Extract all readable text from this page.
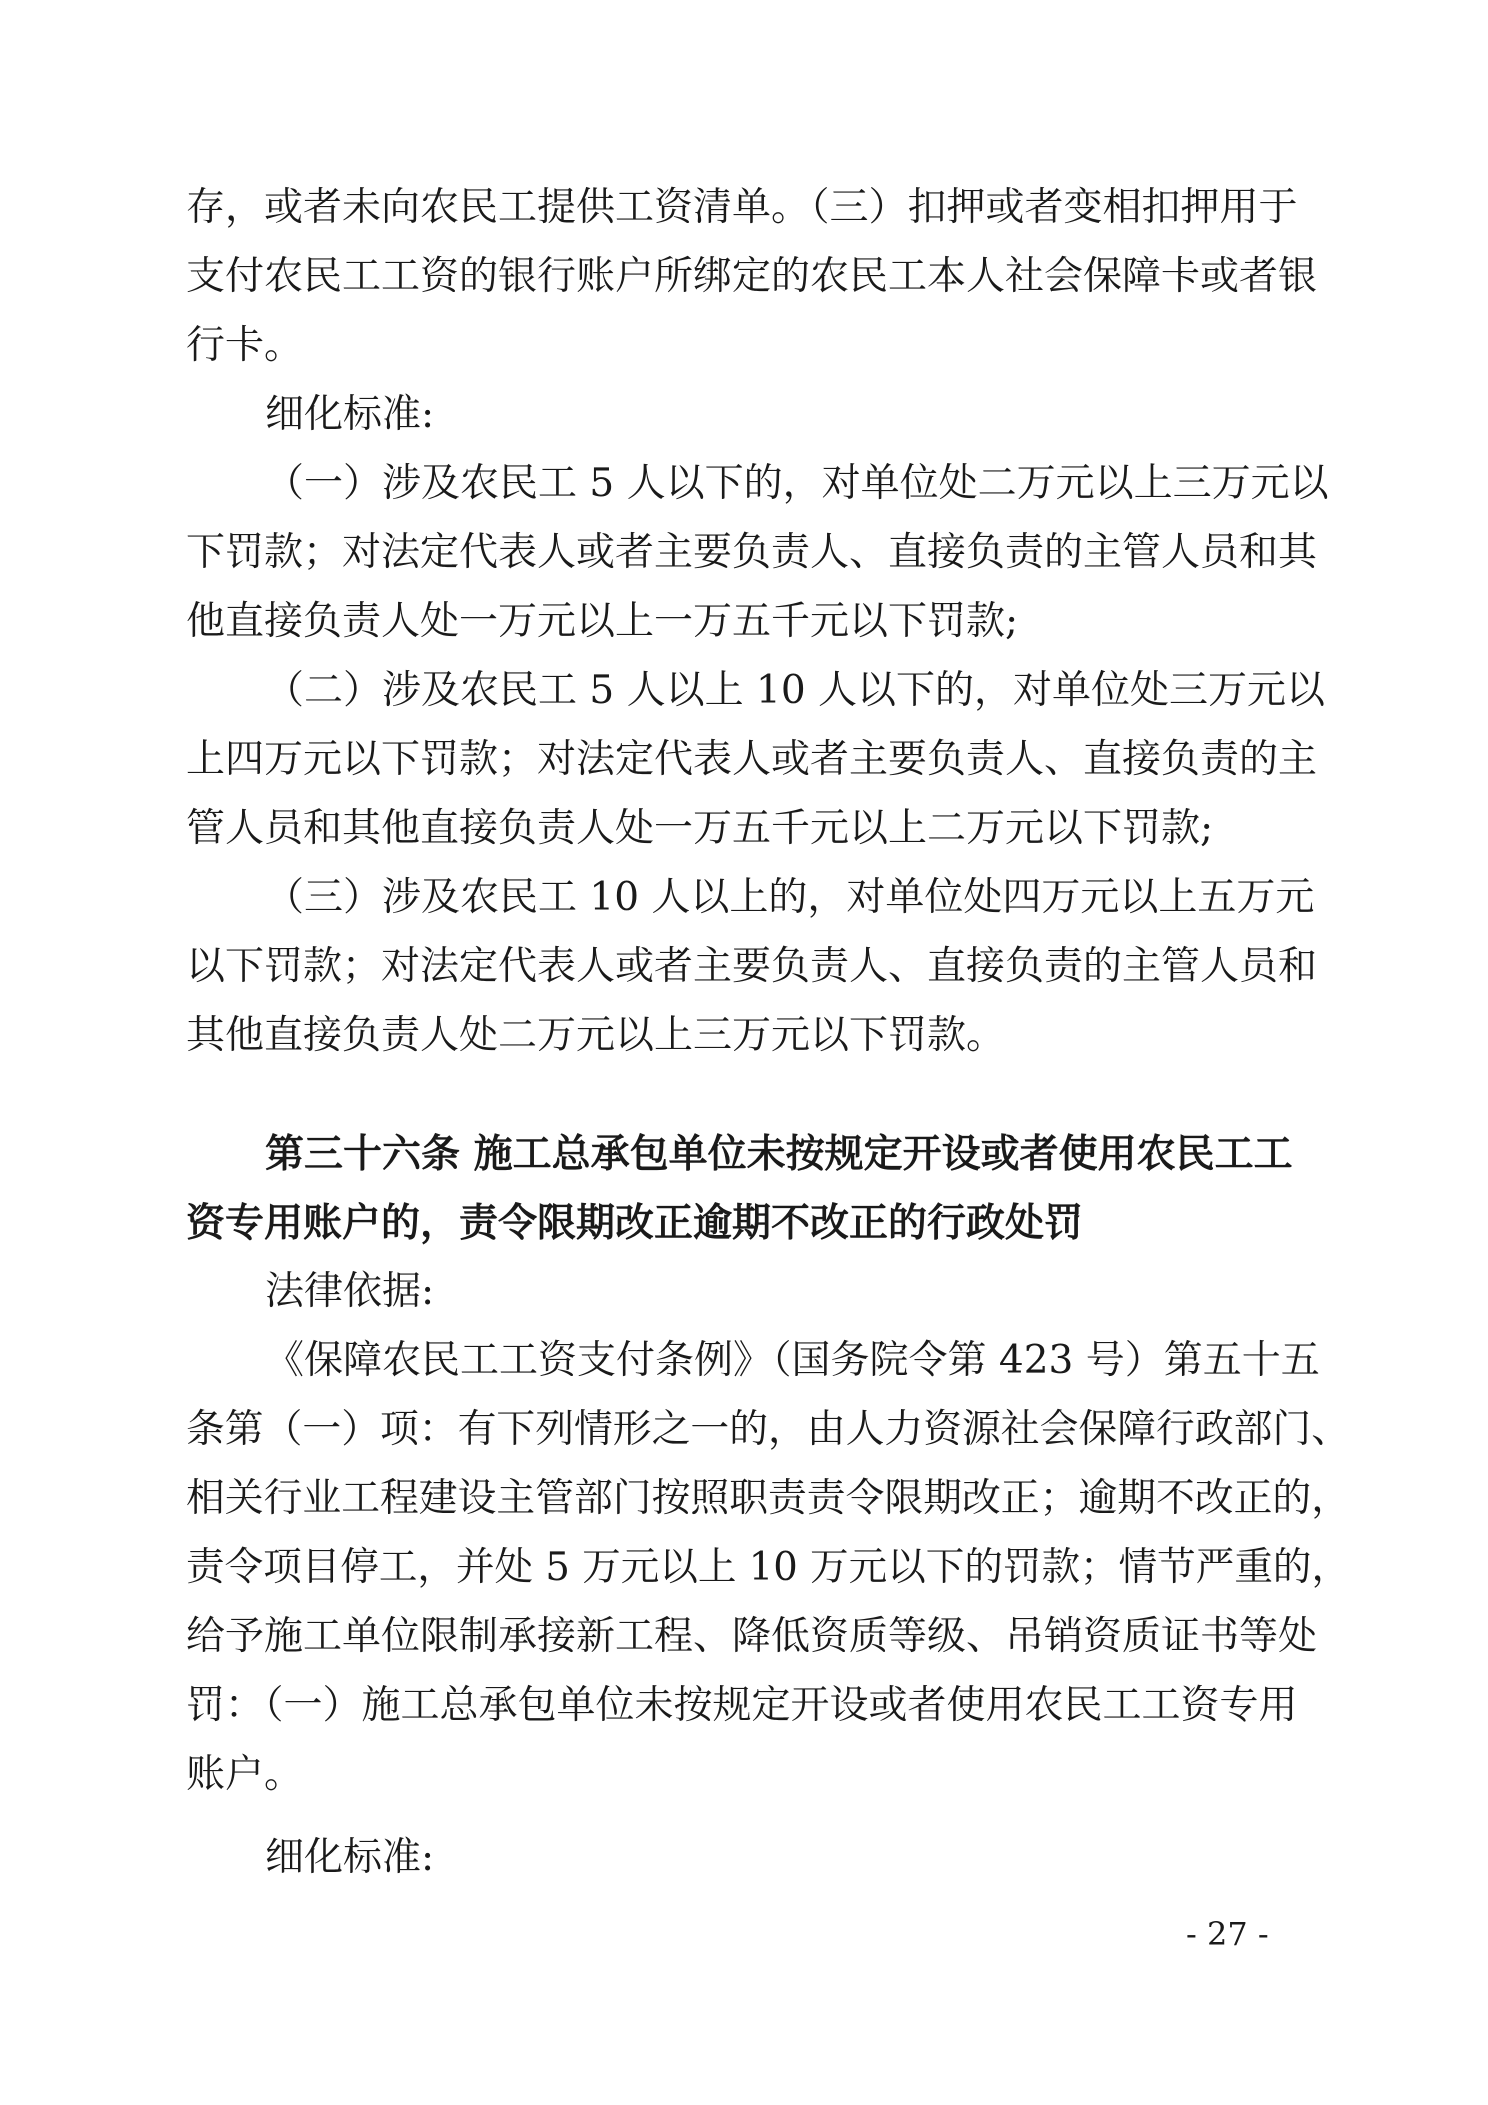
存，或者未向农民工提供工资清单。（三）扣押或者变相扣押用于
支付农民工工资的银行账户所绑定的农民工本人社会保障卡或者银
行卡。
细化标准:
（一）涉及农民工 5 人以下的，对单位处二万元以上三万元以
下罚款；对法定代表人或者主要负责人、直接负责的主管人员和其
他直接负责人处一万元以上一万五千元以下罚款;
（二）涉及农民工 5 人以上 10 人以下的，对单位处三万元以
上四万元以下罚款；对法定代表人或者主要负责人、直接负责的主
管人员和其他直接负责人处一万五千元以上二万元以下罚款;
（三）涉及农民工 10 人以上的，对单位处四万元以上五万元
以下罚款；对法定代表人或者主要负责人、直接负责的主管人员和
其他直接负责人处二万元以上三万元以下罚款。
第三十六条 施工总承包单位未按规定开设或者使用农民工工
资专用账户的，责令限期改正逾期不改正的行政处罚
法律依据:
《保障农民工工资支付条例》（国务院令第 423 号）第五十五
条第（一）项：有下列情形之一的，由人力资源社会保障行政部门、
相关行业工程建设主管部门按照职责责令限期改正；逾期不改正的，
责令项目停工，并处 5 万元以上 10 万元以下的罚款；情节严重的，
给予施工单位限制承接新工程、降低资质等级、吊销资质证书等处
罚：（一）施工总承包单位未按规定开设或者使用农民工工资专用
账户。
细化标准:
- 27 -
